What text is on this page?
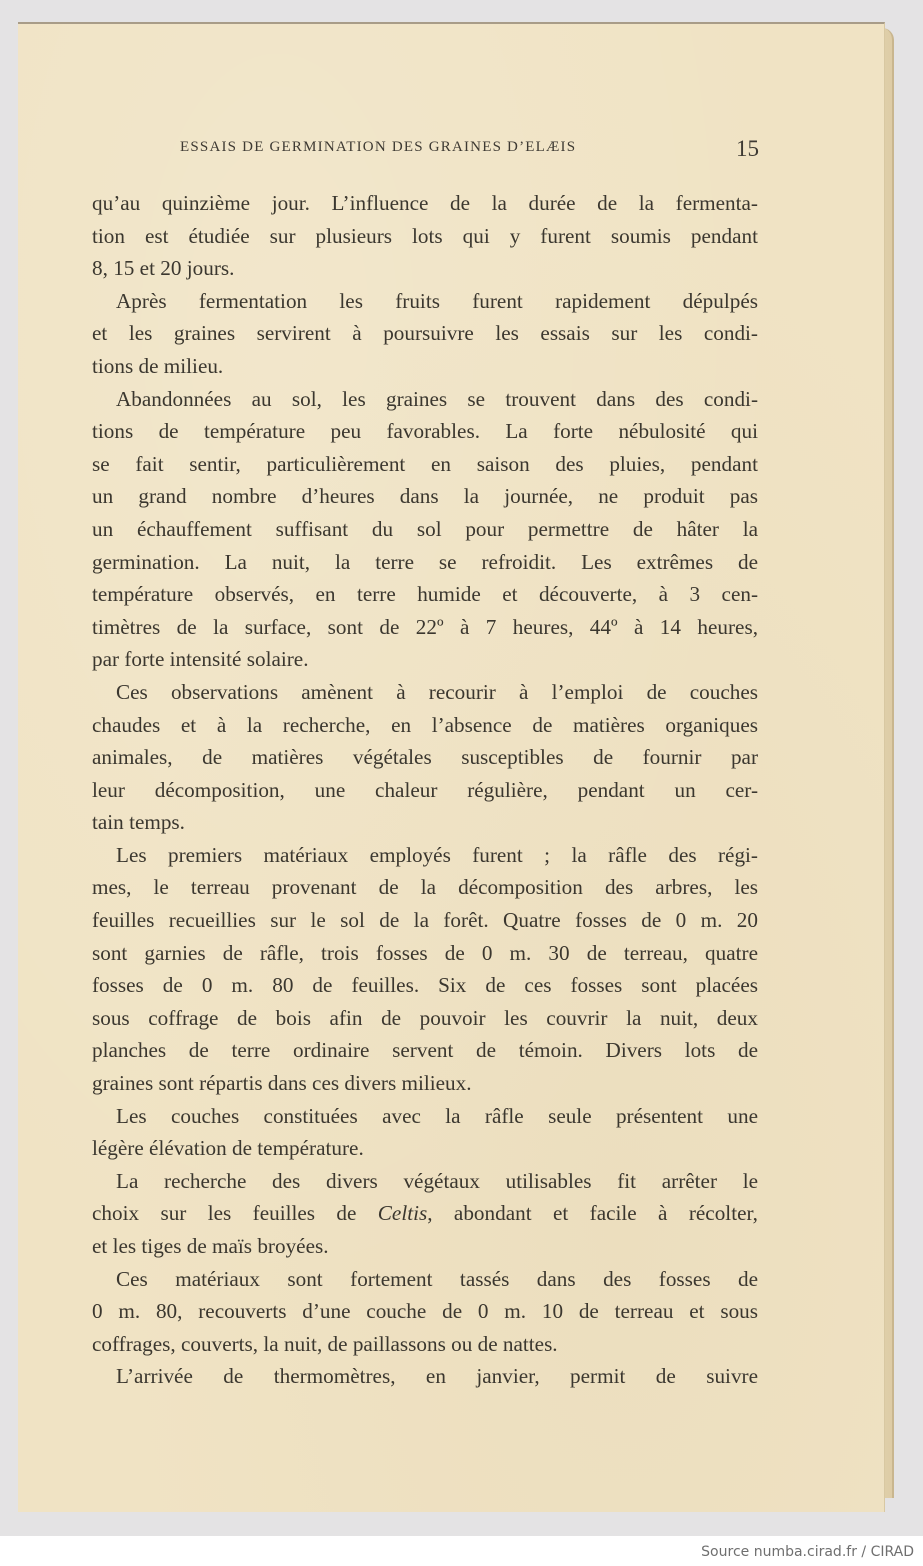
ESSAIS DE GERMINATION DES GRAINES D’ELÆIS	15
qu’au quinzième jour. L’influence de la durée de la fermenta-
tion est étudiée sur plusieurs lots qui y furent soumis pendant
8, 15 et 20 jours.
Après fermentation les fruits furent rapidement dépulpés
et les graines servirent à poursuivre les essais sur les condi-
tions de milieu.
Abandonnées au sol, les graines se trouvent dans des condi-
tions de température peu favorables. La forte nébulosité qui
se fait sentir, particulièrement en saison des pluies, pendant
un grand nombre d’heures dans la journée, ne produit pas
un échauffement suffisant du sol pour permettre de hâter la
germination. La nuit, la terre se refroidit. Les extrêmes de
température observés, en terre humide et découverte, à 3 cen-
timètres de la surface, sont de 22º à 7 heures, 44º à 14 heures,
par forte intensité solaire.
Ces observations amènent à recourir à l’emploi de couches
chaudes et à la recherche, en l’absence de matières organiques
animales, de matières végétales susceptibles de fournir par
leur décomposition, une chaleur régulière, pendant un cer-
tain temps.
Les premiers matériaux employés furent ; la râfle des régi-
mes, le terreau provenant de la décomposition des arbres, les
feuilles recueillies sur le sol de la forêt. Quatre fosses de 0 m. 20
sont garnies de râfle, trois fosses de 0 m. 30 de terreau, quatre
fosses de 0 m. 80 de feuilles. Six de ces fosses sont placées
sous coffrage de bois afin de pouvoir les couvrir la nuit, deux
planches de terre ordinaire servent de témoin. Divers lots de
graines sont répartis dans ces divers milieux.
Les couches constituées avec la râfle seule présentent une
légère élévation de température.
La recherche des divers végétaux utilisables fit arrêter le
choix sur les feuilles de Celtis, abondant et facile à récolter,
et les tiges de maïs broyées.
Ces matériaux sont fortement tassés dans des fosses de
0 m. 80, recouverts d’une couche de 0 m. 10 de terreau et sous
coffrages, couverts, la nuit, de paillassons ou de nattes.
L’arrivée de thermomètres, en janvier, permit de suivre
Source numba.cirad.fr / CIRAD
